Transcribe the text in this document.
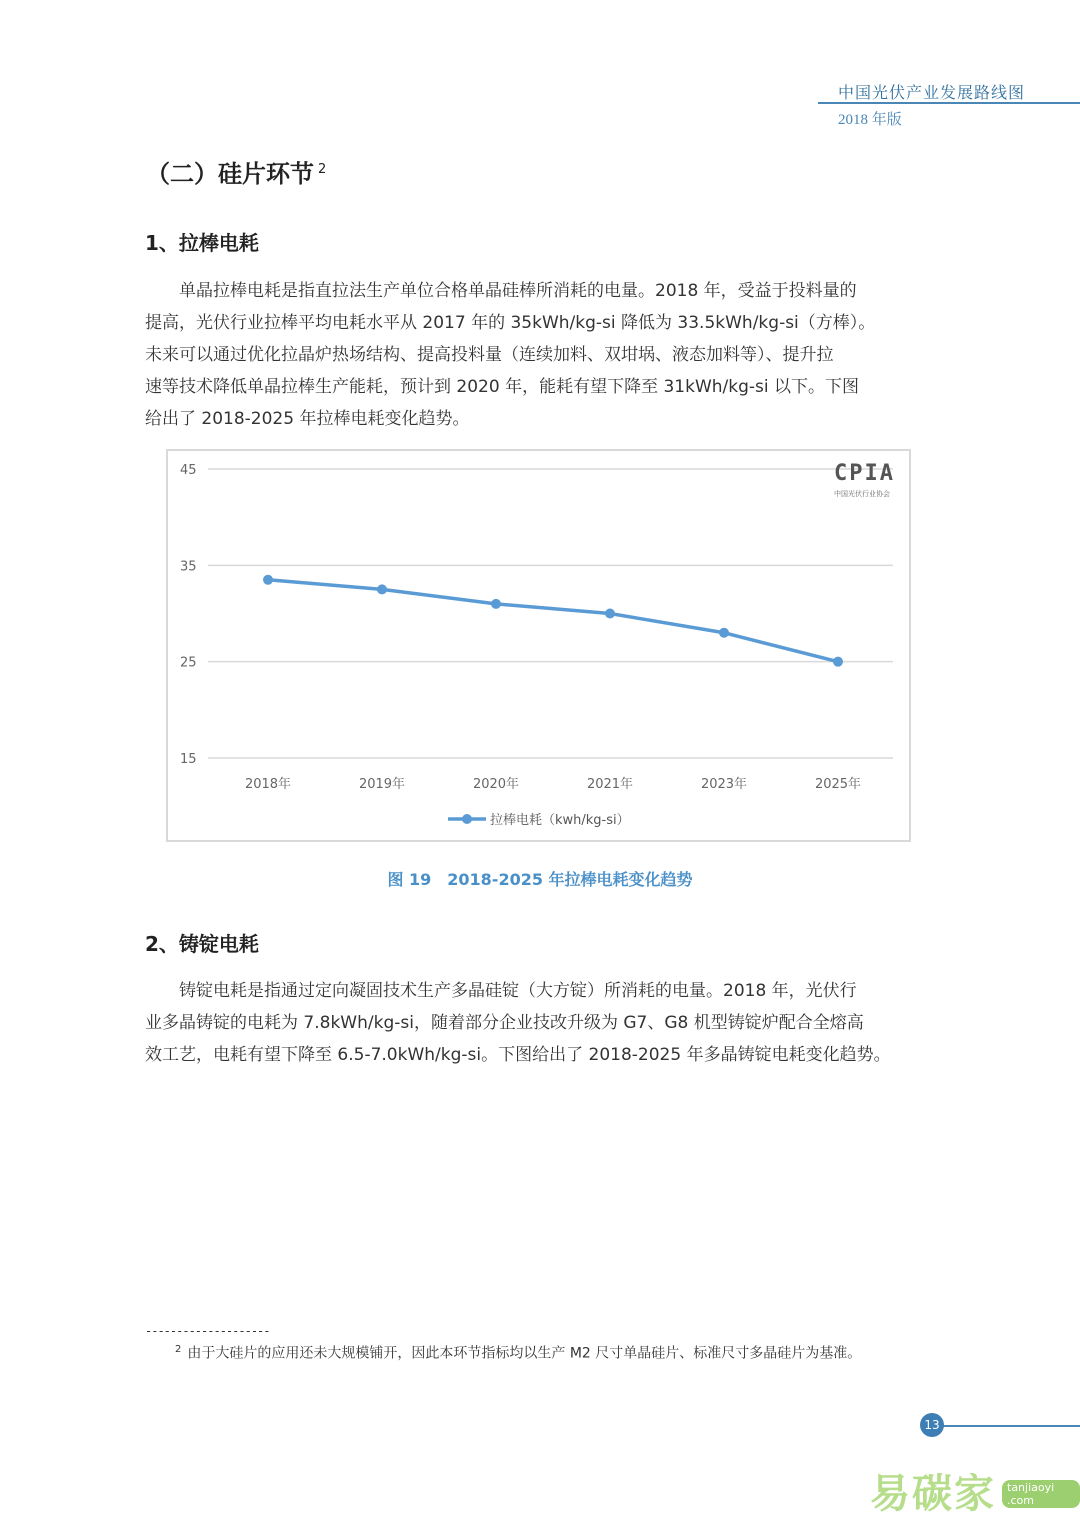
中国光伏产业发展路线图
2018 年版
（二）硅片环节 $^2$
1、拉棒电耗
单晶拉棒电耗是指直拉法生产单位合格单晶硅棒所消耗的电量。2018 年，受益于投料量的
提高，光伏行业拉棒平均电耗水平从 2017 年的 35kWh/kg-si 降低为 33.5kWh/kg-si（方棒）。
未来可以通过优化拉晶炉热场结构、提高投料量（连续加料、双坩埚、液态加料等）、提升拉
速等技术降低单晶拉棒生产能耗，预计到 2020 年，能耗有望下降至 31kWh/kg-si 以下。下图
给出了 2018-2025 年拉棒电耗变化趋势。
45
35
25
15
2018年	2019年	2020年	2021年	2023年	2025年
拉棒电耗（kwh/kg-si）
CPIA
中国光伏行业协会
图 19　2018-2025 年拉棒电耗变化趋势
2、铸锭电耗
铸锭电耗是指通过定向凝固技术生产多晶硅锭（大方锭）所消耗的电量。2018 年，光伏行
业多晶铸锭的电耗为 7.8kWh/kg-si，随着部分企业技改升级为 G7、G8 机型铸锭炉配合全熔高
效工艺，电耗有望下降至 6.5-7.0kWh/kg-si。下图给出了 2018-2025 年多晶铸锭电耗变化趋势。
--------------------
$^2$ 由于大硅片的应用还未大规模铺开，因此本环节指标均以生产 M2 尺寸单晶硅片、标准尺寸多晶硅片为基准。
13
易碳家	tanjiaoyi .com
